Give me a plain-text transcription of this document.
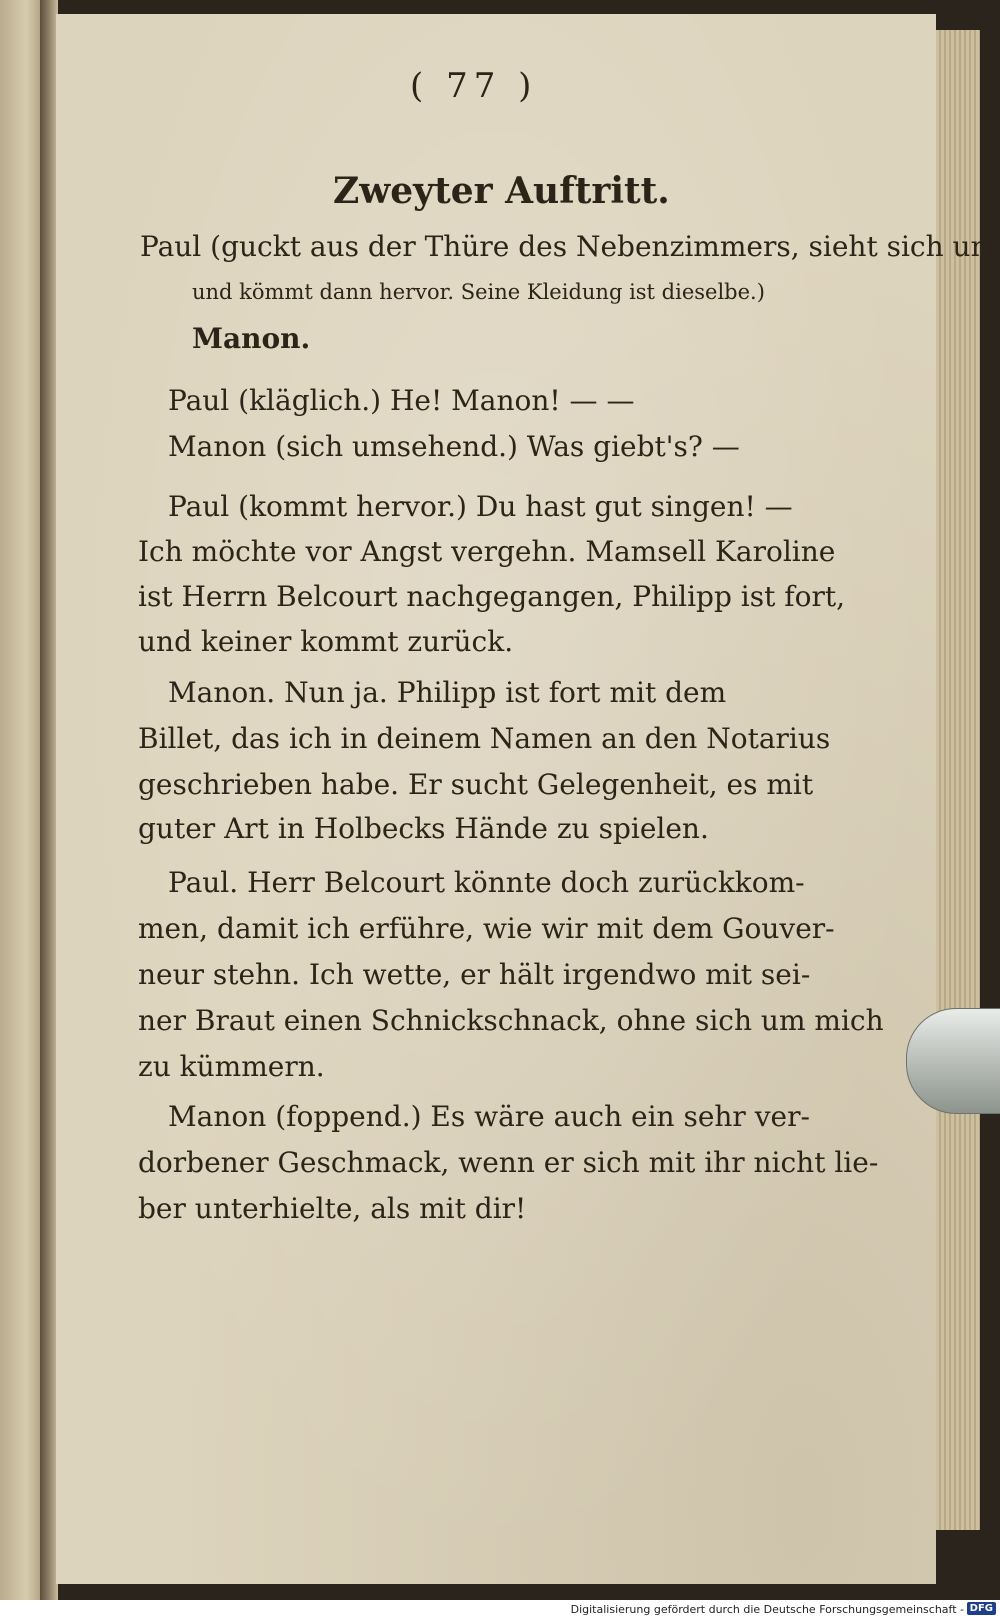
( 77 )
Zweyter Auftritt.
Paul (guckt aus der Thüre des Nebenzimmers, sieht sich um
und kömmt dann hervor. Seine Kleidung ist dieselbe.)
Manon.
Paul (kläglich.) He! Manon! — —
Manon (sich umsehend.) Was giebt's? —
Paul (kommt hervor.) Du hast gut singen! —
Ich möchte vor Angst vergehn. Mamsell Karoline
ist Herrn Belcourt nachgegangen, Philipp ist fort,
und keiner kommt zurück.
Manon. Nun ja. Philipp ist fort mit dem
Billet, das ich in deinem Namen an den Notarius
geschrieben habe. Er sucht Gelegenheit, es mit
guter Art in Holbecks Hände zu spielen.
Paul. Herr Belcourt könnte doch zurückkom-
men, damit ich erführe, wie wir mit dem Gouver-
neur stehn. Ich wette, er hält irgendwo mit sei-
ner Braut einen Schnickschnack, ohne sich um mich
zu kümmern.
Manon (foppend.) Es wäre auch ein sehr ver-
dorbener Geschmack, wenn er sich mit ihr nicht lie-
ber unterhielte, als mit dir!
Digitalisierung gefördert durch die Deutsche Forschungsgemeinschaft - DFG
